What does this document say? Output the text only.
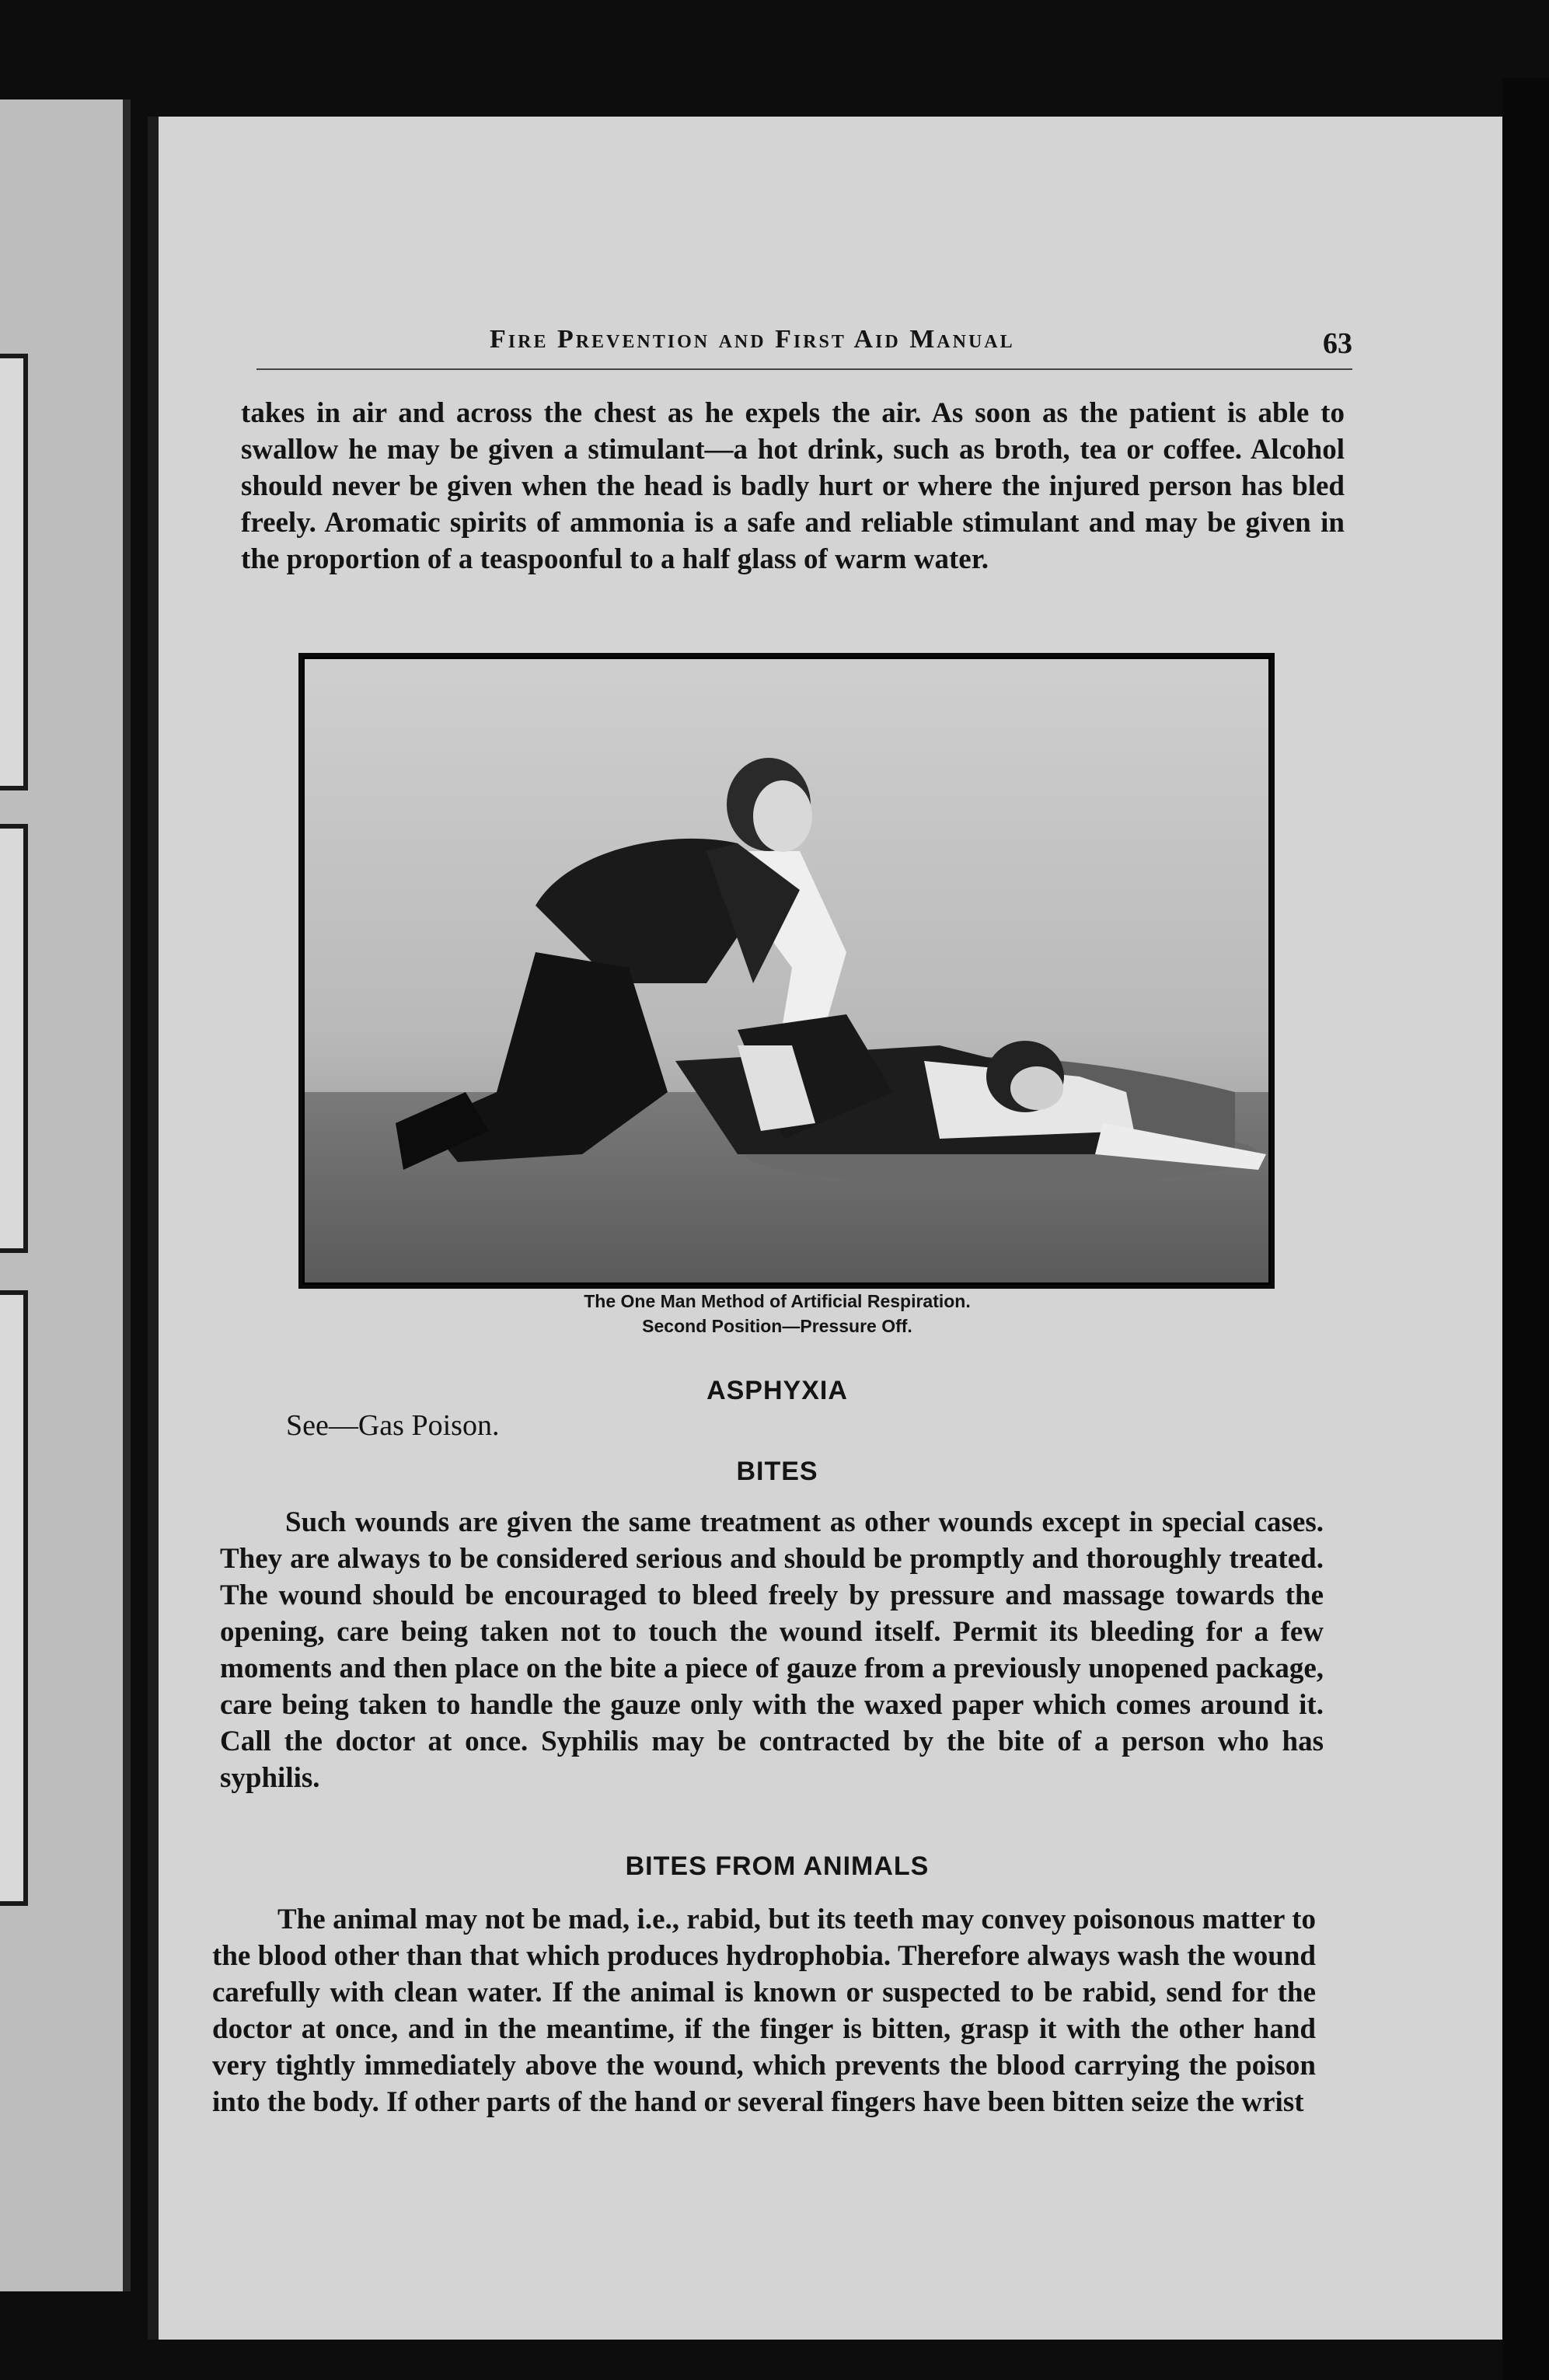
Fire Prevention and First Aid Manual	63
takes in air and across the chest as he expels the air. As soon as the patient is able to swallow he may be given a stimulant—a hot drink, such as broth, tea or coffee. Alcohol should never be given when the head is badly hurt or where the injured person has bled freely. Aromatic spirits of ammonia is a safe and reliable stimulant and may be given in the proportion of a teaspoonful to a half glass of warm water.
The One Man Method of Artificial Respiration.
Second Position—Pressure Off.
ASPHYXIA
See—Gas Poison.
BITES
Such wounds are given the same treatment as other wounds except in special cases. They are always to be considered serious and should be promptly and thoroughly treated. The wound should be encouraged to bleed freely by pressure and massage towards the opening, care being taken not to touch the wound itself. Permit its bleeding for a few moments and then place on the bite a piece of gauze from a previously unopened package, care being taken to handle the gauze only with the waxed paper which comes around it. Call the doctor at once. Syphilis may be contracted by the bite of a person who has syphilis.
BITES FROM ANIMALS
The animal may not be mad, i.e., rabid, but its teeth may convey poisonous matter to the blood other than that which produces hydrophobia. Therefore always wash the wound carefully with clean water. If the animal is known or suspected to be rabid, send for the doctor at once, and in the meantime, if the finger is bitten, grasp it with the other hand very tightly immediately above the wound, which prevents the blood carrying the poison into the body. If other parts of the hand or several fingers have been bitten seize the wrist
